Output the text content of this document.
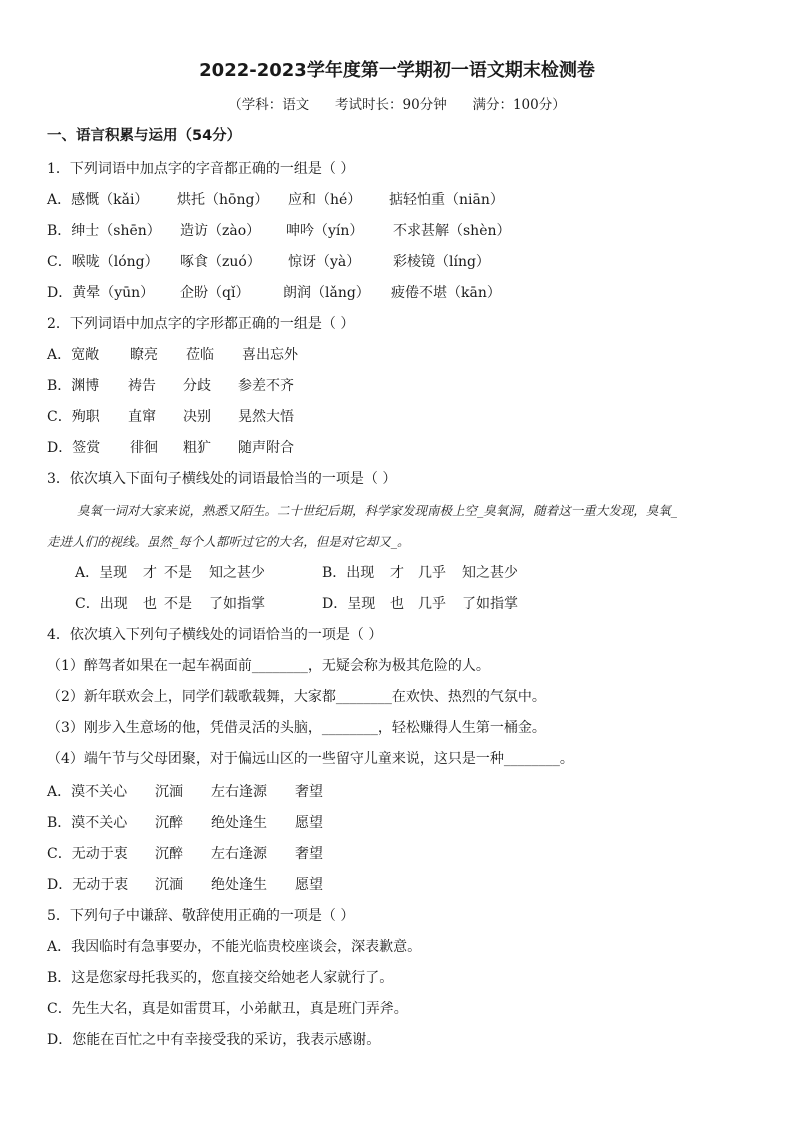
2022-2023学年度第一学期初一语文期末检测卷
（学科：语文      考试时长：90分钟      满分：100分）
一、语言积累与运用（54分）
1．下列词语中加点字的字音都正确的一组是（ ）
A．感慨（kǎi） 烘托（hōng） 应和（hé） 掂轻怕重（niān）
B．绅士（shēn） 造访（zào） 呻吟（yín） 不求甚解（shèn）
C．喉咙（lóng） 啄食（zuó） 惊讶（yà） 彩棱镜（líng）
D．黄晕（yūn） 企盼（qǐ） 朗润（lǎng） 疲倦不堪（kān）
2．下列词语中加点字的字形都正确的一组是（ ）
A．宽敞 瞭亮 莅临 喜出忘外
B．渊博 祷告 分歧 参差不齐
C．殉职 直窜 决别 晃然大悟
D．签赏 徘徊 粗犷 随声附合
3．依次填入下面句子横线处的词语最恰当的一项是（ ）
臭氧一词对大家来说，熟悉又陌生。二十世纪后期，科学家发现南极上空_臭氧洞，随着这一重大发现，臭氧_
走进人们的视线。虽然_每个人都听过它的大名，但是对它却又_。
A．呈现 才 不是 知之甚少	B．出现 才 几乎 知之甚少
C．出现 也 不是 了如指掌	D．呈现 也 几乎 了如指掌
4．依次填入下列句子横线处的词语恰当的一项是（ ）
（1）醉驾者如果在一起车祸面前________，无疑会称为极其危险的人。
（2）新年联欢会上，同学们载歌载舞，大家都________在欢快、热烈的气氛中。
（3）刚步入生意场的他，凭借灵活的头脑，________，轻松赚得人生第一桶金。
（4）端午节与父母团聚，对于偏远山区的一些留守儿童来说，这只是一种________。
A．漠不关心 沉湎 左右逢源 奢望
B．漠不关心 沉醉 绝处逢生 愿望
C．无动于衷 沉醉 左右逢源 奢望
D．无动于衷 沉湎 绝处逢生 愿望
5．下列句子中谦辞、敬辞使用正确的一项是（ ）
A．我因临时有急事要办，不能光临贵校座谈会，深表歉意。
B．这是您家母托我买的，您直接交给她老人家就行了。
C．先生大名，真是如雷贯耳，小弟献丑，真是班门弄斧。
D．您能在百忙之中有幸接受我的采访，我表示感谢。
